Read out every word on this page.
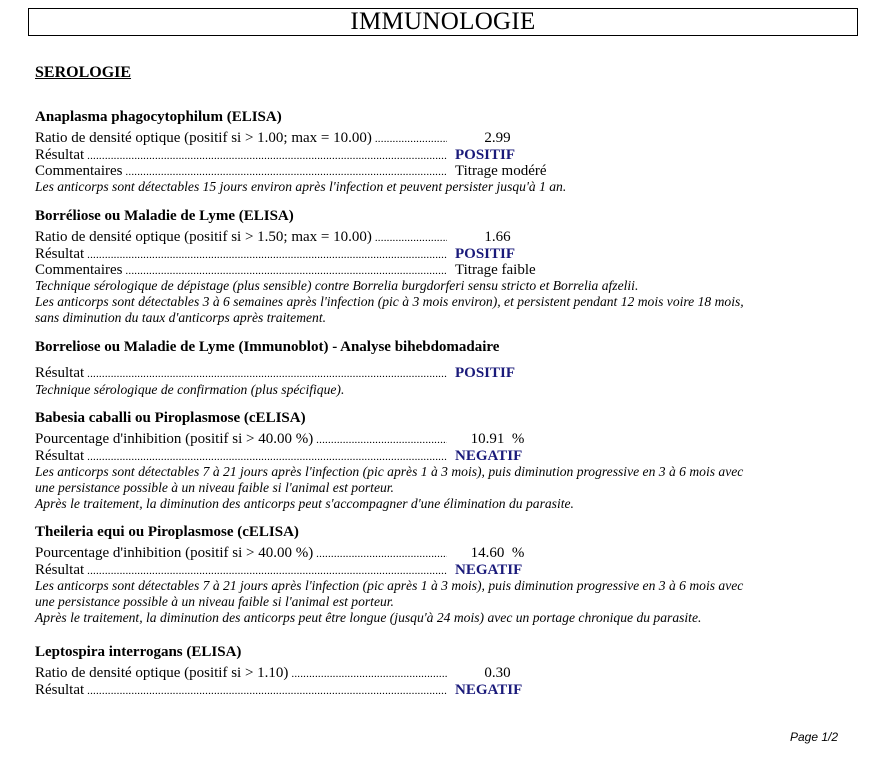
IMMUNOLOGIE
SEROLOGIE
Anaplasma phagocytophilum (ELISA)
Ratio de densité optique (positif si > 1.00; max = 10.00) .....	2.99
Résultat .....	POSITIF
Commentaires .....	Titrage modéré
Les anticorps sont détectables 15 jours environ après l'infection et peuvent persister jusqu'à 1 an.
Borréliose ou Maladie de Lyme (ELISA)
Ratio de densité optique (positif si > 1.50; max = 10.00) .....	1.66
Résultat .....	POSITIF
Commentaires .....	Titrage faible
Technique sérologique de dépistage (plus sensible) contre Borrelia burgdorferi sensu stricto et Borrelia afzelii.
Les anticorps sont détectables 3 à 6 semaines après l'infection (pic à 3 mois environ), et persistent pendant 12 mois voire 18 mois,
sans diminution du taux d'anticorps après traitement.
Borreliose ou Maladie de Lyme (Immunoblot) - Analyse bihebdomadaire
Résultat .....	POSITIF
Technique sérologique de confirmation (plus spécifique).
Babesia caballi ou Piroplasmose (cELISA)
Pourcentage d'inhibition (positif si > 40.00 %) .....	10.91  %
Résultat .....	NEGATIF
Les anticorps sont détectables 7 à 21 jours après l'infection (pic après 1 à 3 mois), puis diminution progressive en 3 à 6 mois avec
une persistance possible à un niveau faible si l'animal est porteur.
Après le traitement, la diminution des anticorps peut s'accompagner d'une élimination du parasite.
Theileria equi ou Piroplasmose (cELISA)
Pourcentage d'inhibition (positif si > 40.00 %) .....	14.60  %
Résultat .....	NEGATIF
Les anticorps sont détectables 7 à 21 jours après l'infection (pic après 1 à 3 mois), puis diminution progressive en 3 à 6 mois avec
une persistance possible à un niveau faible si l'animal est porteur.
Après le traitement, la diminution des anticorps peut être longue (jusqu'à 24 mois) avec un portage chronique du parasite.
Leptospira interrogans (ELISA)
Ratio de densité optique (positif si > 1.10) .....	0.30
Résultat .....	NEGATIF
Page 1/2
